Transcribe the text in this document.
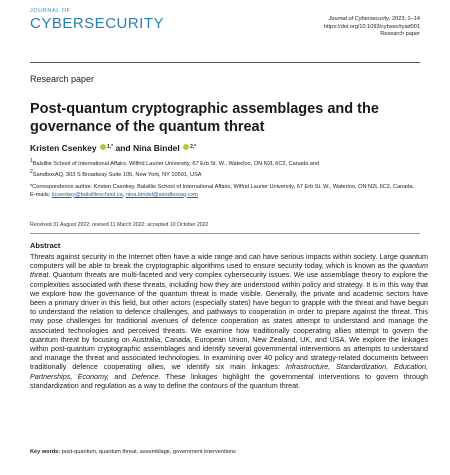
JOURNAL OF
CYBERSECURITY	Journal of Cybersecurity, 2023, 1–14
https://doi.org/10.1093/cybsec/tyad001
Research paper
Research paper
Post-quantum cryptographic assemblages and the governance of the quantum threat
Kristen Csenkey $^{1,*}$ and Nina Bindel $^{2,*}$
1Balsillie School of International Affairs, Wilfrid Laurier University, 67 Erb St. W., Waterloo, ON N2L 6C2, Canada and
2SandboxAQ, 303 S Broadway Suite 105, New York, NY 10591, USA
*Correspondence author. Kristen Csenkey, Balsillie School of International Affairs, Wilfrid Laurier University, 67 Erb St. W., Waterloo, ON N2L 6C2, Canada.
E-mails: kcsenkey@balsillieschool.ca, nina.bindel@sandboxaq.com
Received 31 August 2022; revised 11 March 2022; accepted 10 October 2022
Abstract
Threats against security in the Internet often have a wide range and can have serious impacts within society. Large quantum computers will be able to break the cryptographic algorithms used to ensure security today, which is known as the quantum threat. Quantum threats are multi-faceted and very complex cybersecurity issues. We use assemblage theory to explore the complexities associated with these threats, including how they are understood within policy and strategy. It is in this way that we explore how the governance of the quantum threat is made visible. Generally, the private and academic sectors have been a primary driver in this field, but other actors (especially states) have begun to grapple with the threat and have begun to understand the relation to defence challenges, and pathways to cooperation in order to prepare against the threat. This may pose challenges for traditional avenues of defence cooperation as states attempt to understand and manage the associated technologies and perceived threats. We examine how traditionally cooperating allies attempt to govern the quantum threat by focusing on Australia, Canada, European Union, New Zealand, UK, and USA. We explore the linkages within post-quantum cryptographic assemblages and identify several governmental interventions as attempts to understand and manage the threat and associated technologies. In examining over 40 policy and strategy-related documents between traditionally defence cooperating allies, we identify six main linkages: Infrastructure, Standardization, Education, Partnerships, Economy, and Defence. These linkages highlight the governmental interventions to govern through standardization and regulation as a way to define the contours of the quantum threat.
Key words: post-quantum, quantum threat, assemblage, government interventions
